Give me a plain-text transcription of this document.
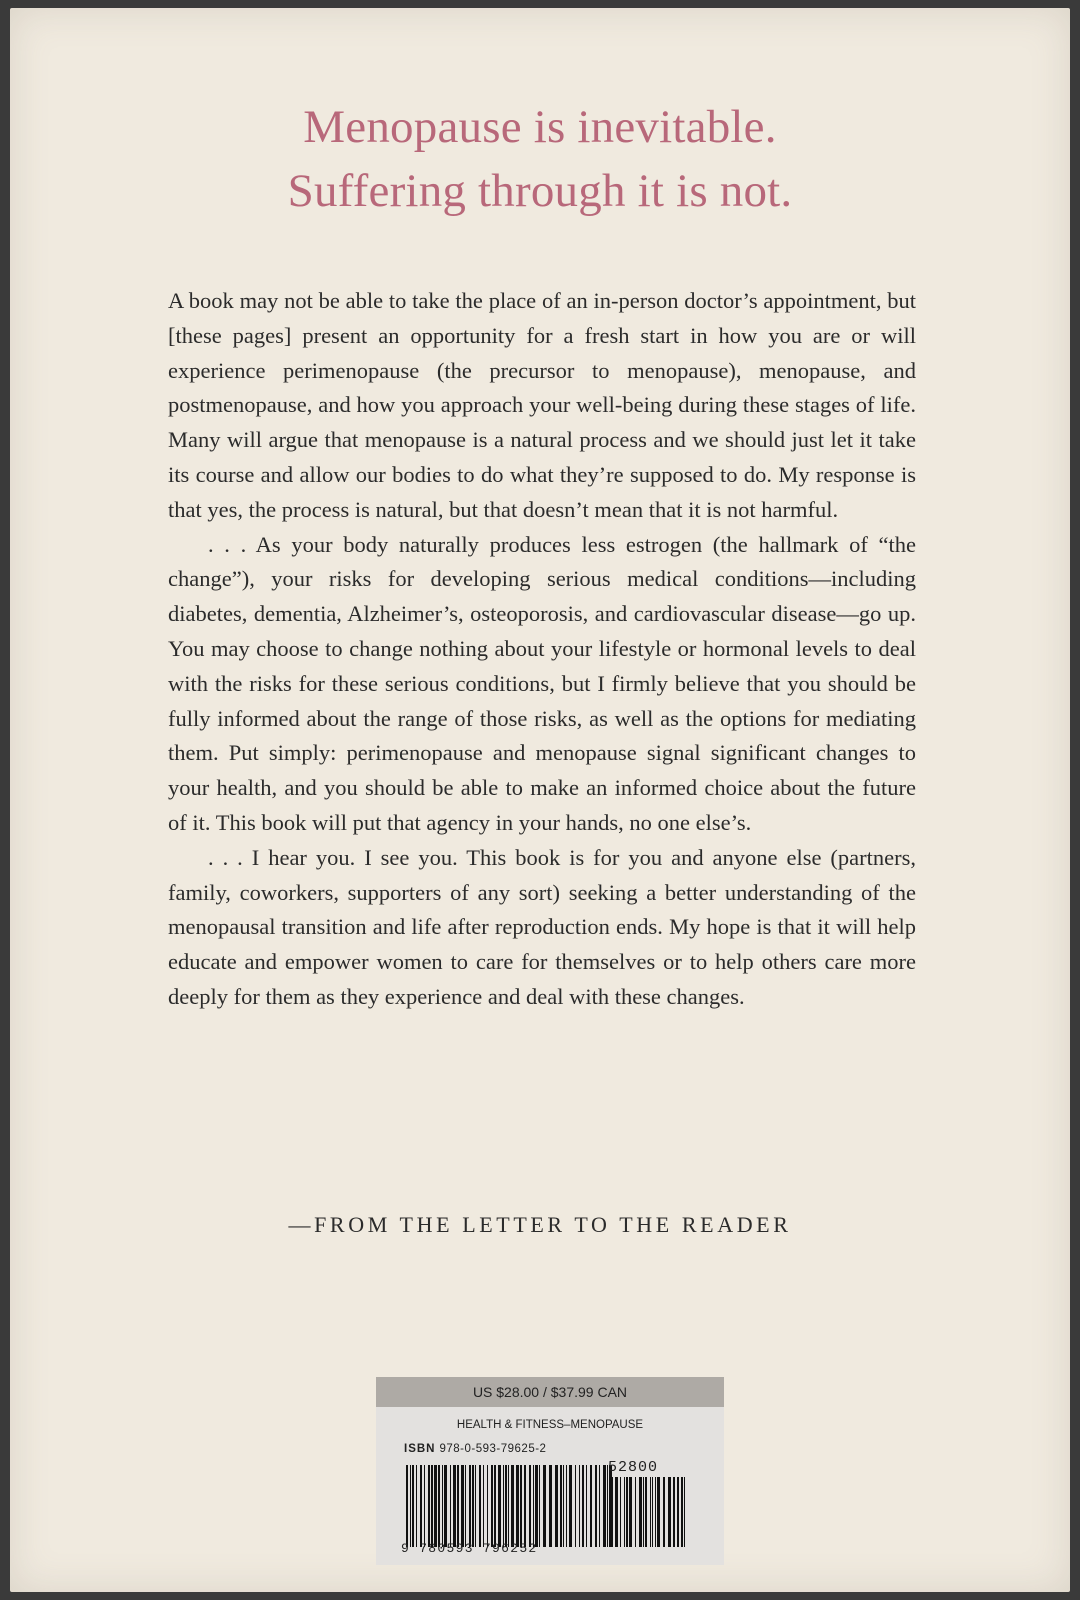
Menopause is inevitable.
Suffering through it is not.

A book may not be able to take the place of an in-person doctor’s appointment, but [these pages] present an opportunity for a fresh start in how you are or will experience perimenopause (the precursor to menopause), menopause, and postmenopause, and how you approach your well-being during these stages of life. Many will argue that menopause is a natural process and we should just let it take its course and allow our bodies to do what they’re supposed to do. My response is that yes, the process is natural, but that doesn’t mean that it is not harmful.

. . . As your body naturally produces less estrogen (the hallmark of “the change”), your risks for developing serious medical conditions—including diabetes, dementia, Alzheimer’s, osteoporosis, and cardiovascular disease—go up. You may choose to change nothing about your lifestyle or hormonal levels to deal with the risks for these serious conditions, but I firmly believe that you should be fully informed about the range of those risks, as well as the options for mediating them. Put simply: perimenopause and menopause signal significant changes to your health, and you should be able to make an informed choice about the future of it. This book will put that agency in your hands, no one else’s.

. . . I hear you. I see you. This book is for you and anyone else (partners, family, coworkers, supporters of any sort) seeking a better understanding of the menopausal transition and life after reproduction ends. My hope is that it will help educate and empower women to care for themselves or to help others care more deeply for them as they experience and deal with these changes.

—FROM THE LETTER TO THE READER
US $28.00 / $37.99 CAN
HEALTH & FITNESS–MENOPAUSE
ISBN 978-0-593-79625-2
52800
9 780593 796252
